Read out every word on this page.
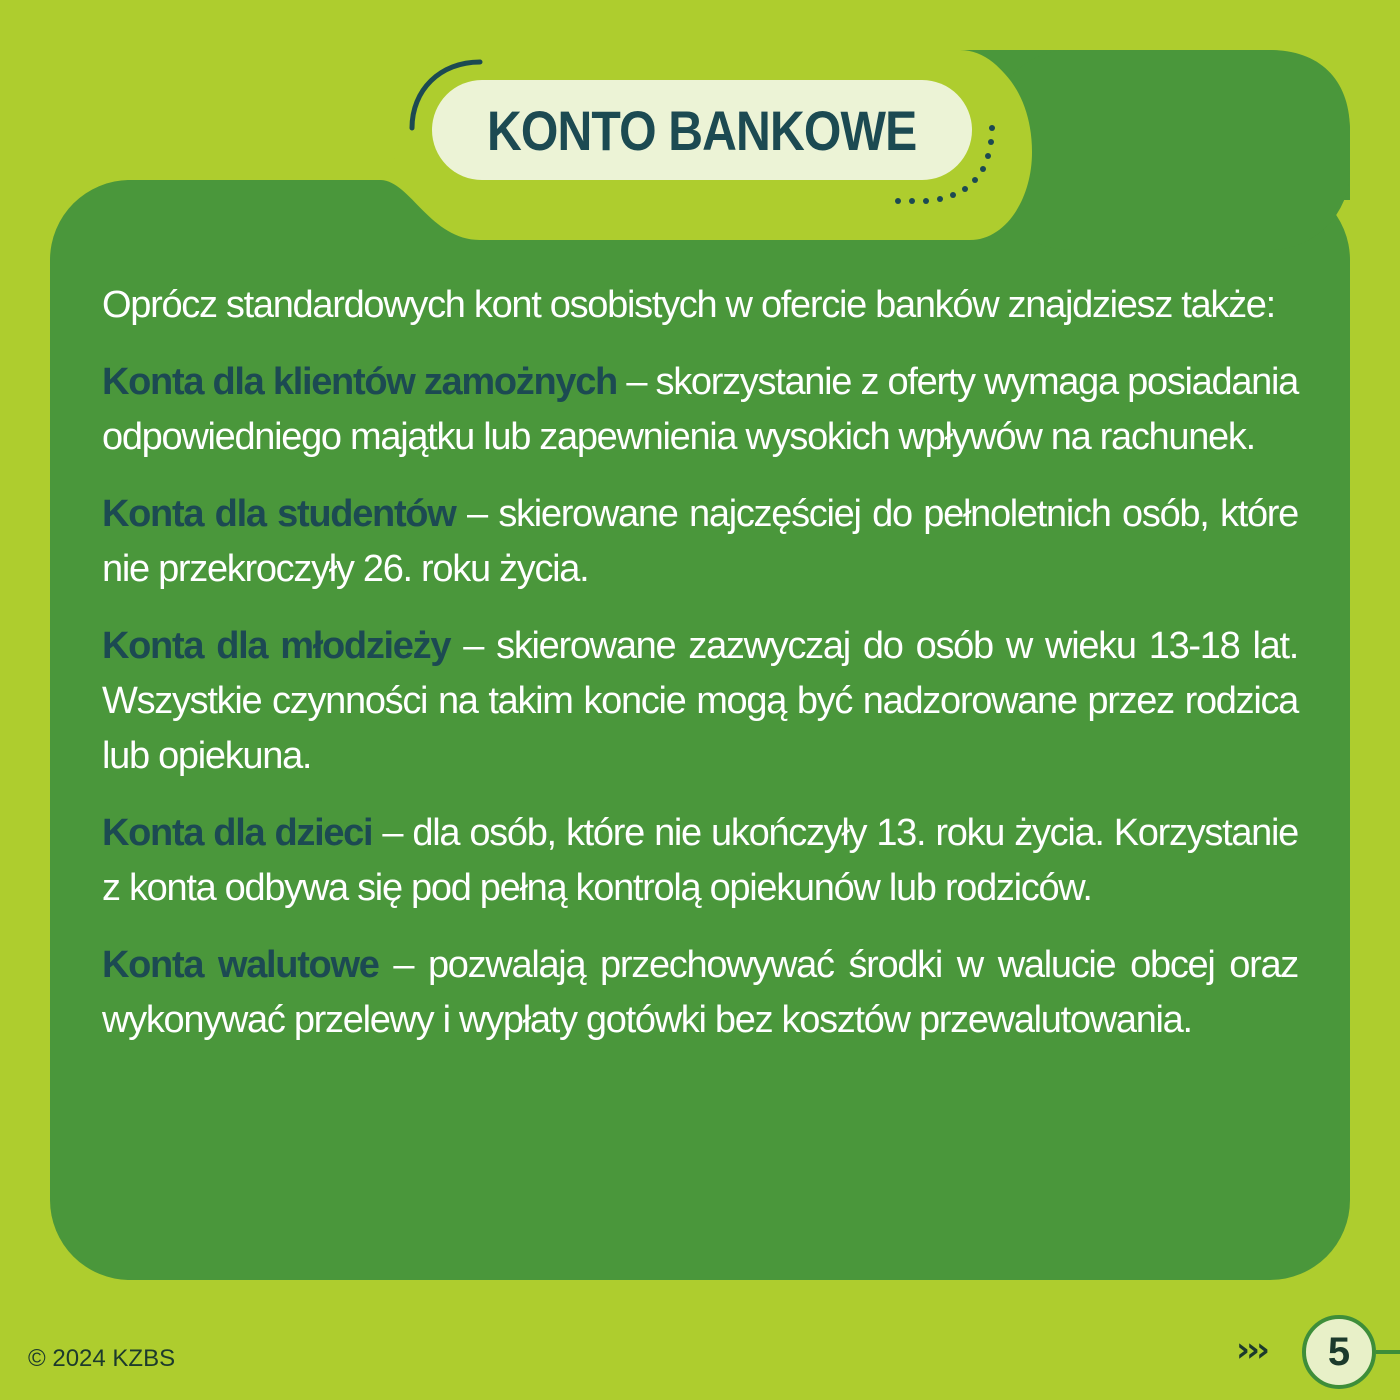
KONTO BANKOWE

Oprócz standardowych kont osobistych w ofercie banków znajdziesz także:

Konta dla klientów zamożnych – skorzystanie z oferty wymaga posiadania odpowiedniego majątku lub zapewnienia wysokich wpływów na rachunek.

Konta dla studentów – skierowane najczęściej do pełnoletnich osób, które nie przekroczyły 26. roku życia.

Konta dla młodzieży – skierowane zazwyczaj do osób w wieku 13-18 lat. Wszystkie czynności na takim koncie mogą być nadzorowane przez rodzica lub opiekuna.

Konta dla dzieci – dla osób, które nie ukończyły 13. roku życia. Korzystanie z konta odbywa się pod pełną kontrolą opiekunów lub rodziców.

Konta walutowe – pozwalają przechowywać środki w walucie obcej oraz wykonywać przelewy i wypłaty gotówki bez kosztów przewalutowania.

© 2024 KZBS	›››	5
